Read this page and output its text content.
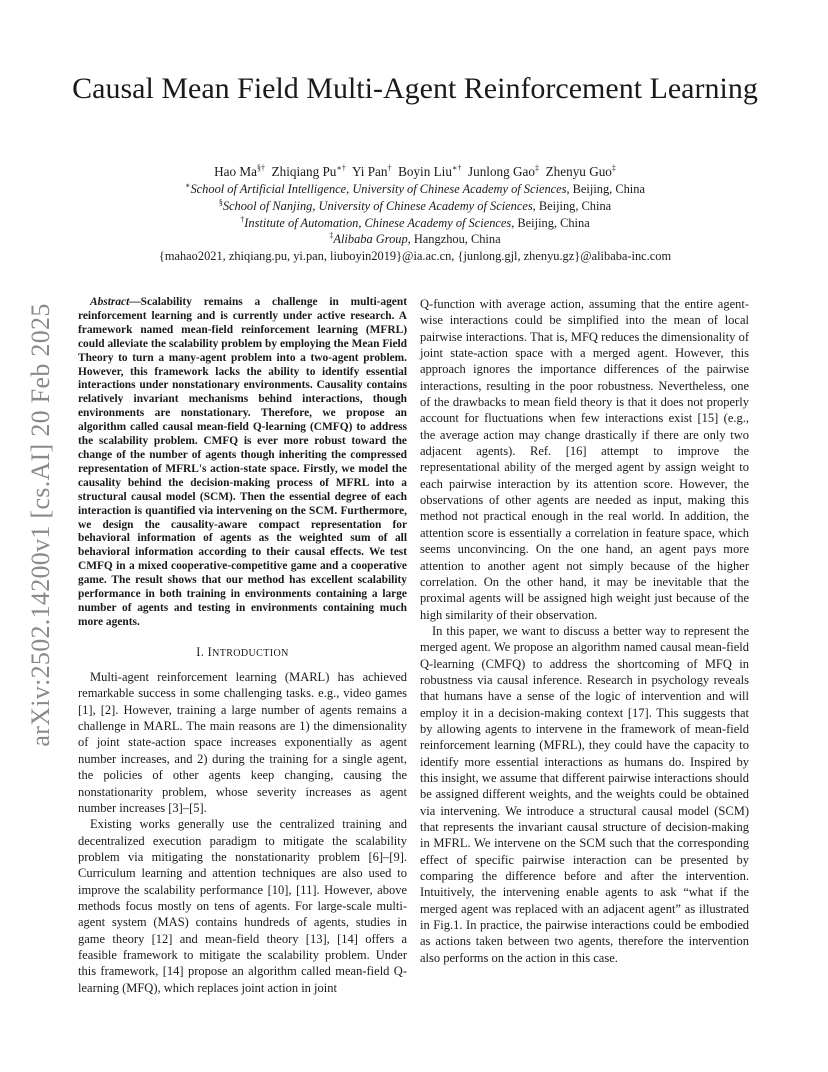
Causal Mean Field Multi-Agent Reinforcement Learning
Hao Ma§† Zhiqiang Pu∗† Yi Pan† Boyin Liu∗† Junlong Gao‡ Zhenyu Guo‡
∗School of Artificial Intelligence, University of Chinese Academy of Sciences, Beijing, China
§School of Nanjing, University of Chinese Academy of Sciences, Beijing, China
†Institute of Automation, Chinese Academy of Sciences, Beijing, China
‡Alibaba Group, Hangzhou, China
{mahao2021, zhiqiang.pu, yi.pan, liuboyin2019}@ia.ac.cn, {junlong.gjl, zhenyu.gz}@alibaba-inc.com
arXiv:2502.14200v1 [cs.AI] 20 Feb 2025

Abstract—Scalability remains a challenge in multi-agent reinforcement learning and is currently under active research. A framework named mean-field reinforcement learning (MFRL) could alleviate the scalability problem by employing the Mean Field Theory to turn a many-agent problem into a two-agent problem. However, this framework lacks the ability to identify essential interactions under nonstationary environments. Causality contains relatively invariant mechanisms behind interactions, though environments are nonstationary. Therefore, we propose an algorithm called causal mean-field Q-learning (CMFQ) to address the scalability problem. CMFQ is ever more robust toward the change of the number of agents though inheriting the compressed representation of MFRL's action-state space. Firstly, we model the causality behind the decision-making process of MFRL into a structural causal model (SCM). Then the essential degree of each interaction is quantified via intervening on the SCM. Furthermore, we design the causality-aware compact representation for behavioral information of agents as the weighted sum of all behavioral information according to their causal effects. We test CMFQ in a mixed cooperative-competitive game and a cooperative game. The result shows that our method has excellent scalability performance in both training in environments containing a large number of agents and testing in environments containing much more agents.

I. INTRODUCTION

Multi-agent reinforcement learning (MARL) has achieved remarkable success in some challenging tasks. e.g., video games [1], [2]. However, training a large number of agents remains a challenge in MARL. The main reasons are 1) the dimensionality of joint state-action space increases exponentially as agent number increases, and 2) during the training for a single agent, the policies of other agents keep changing, causing the nonstationarity problem, whose severity increases as agent number increases [3]–[5].

Existing works generally use the centralized training and decentralized execution paradigm to mitigate the scalability problem via mitigating the nonstationarity problem [6]–[9]. Curriculum learning and attention techniques are also used to improve the scalability performance [10], [11]. However, above methods focus mostly on tens of agents. For large-scale multi-agent system (MAS) contains hundreds of agents, studies in game theory [12] and mean-field theory [13], [14] offers a feasible framework to mitigate the scalability problem. Under this framework, [14] propose an algorithm called mean-field Q-learning (MFQ), which replaces joint action in joint

Q-function with average action, assuming that the entire agent-wise interactions could be simplified into the mean of local pairwise interactions. That is, MFQ reduces the dimensionality of joint state-action space with a merged agent. However, this approach ignores the importance differences of the pairwise interactions, resulting in the poor robustness. Nevertheless, one of the drawbacks to mean field theory is that it does not properly account for fluctuations when few interactions exist [15] (e.g., the average action may change drastically if there are only two adjacent agents). Ref. [16] attempt to improve the representational ability of the merged agent by assign weight to each pairwise interaction by its attention score. However, the observations of other agents are needed as input, making this method not practical enough in the real world. In addition, the attention score is essentially a correlation in feature space, which seems unconvincing. On the one hand, an agent pays more attention to another agent not simply because of the higher correlation. On the other hand, it may be inevitable that the proximal agents will be assigned high weight just because of the high similarity of their observation.

In this paper, we want to discuss a better way to represent the merged agent. We propose an algorithm named causal mean-field Q-learning (CMFQ) to address the shortcoming of MFQ in robustness via causal inference. Research in psychology reveals that humans have a sense of the logic of intervention and will employ it in a decision-making context [17]. This suggests that by allowing agents to intervene in the framework of mean-field reinforcement learning (MFRL), they could have the capacity to identify more essential interactions as humans do. Inspired by this insight, we assume that different pairwise interactions should be assigned different weights, and the weights could be obtained via intervening. We introduce a structural causal model (SCM) that represents the invariant causal structure of decision-making in MFRL. We intervene on the SCM such that the corresponding effect of specific pairwise interaction can be presented by comparing the difference before and after the intervention. Intuitively, the intervening enable agents to ask “what if the merged agent was replaced with an adjacent agent” as illustrated in Fig.1. In practice, the pairwise interactions could be embodied as actions taken between two agents, therefore the intervention also performs on the action in this case.
